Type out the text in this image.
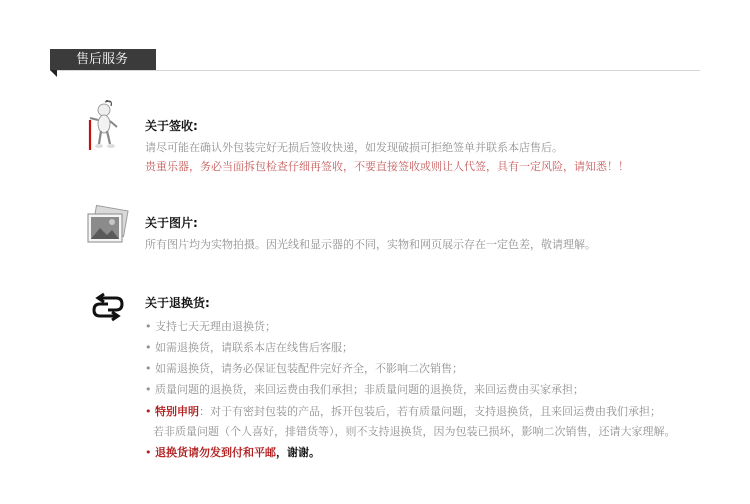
售后服务
关于签收:
请尽可能在确认外包装完好无损后签收快递，如发现破损可拒绝签单并联系本店售后。
贵重乐器，务必当面拆包检查仔细再签收，不要直接签收或则让人代签，具有一定风险，请知悉！！
关于图片:
所有图片均为实物拍摄。因光线和显示器的不同，实物和网页展示存在一定色差，敬请理解。
关于退换货:
• 支持七天无理由退换货；
• 如需退换货，请联系本店在线售后客服；
• 如需退换货，请务必保证包装配件完好齐全，不影响二次销售；
• 质量问题的退换货，来回运费由我们承担；非质量问题的退换货，来回运费由买家承担；
• 特别申明：对于有密封包装的产品，拆开包装后，若有质量问题，支持退换货，且来回运费由我们承担；
若非质量问题（个人喜好，排错货等），则不支持退换货，因为包装已损坏，影响二次销售，还请大家理解。
• 退换货请勿发到付和平邮，谢谢。
